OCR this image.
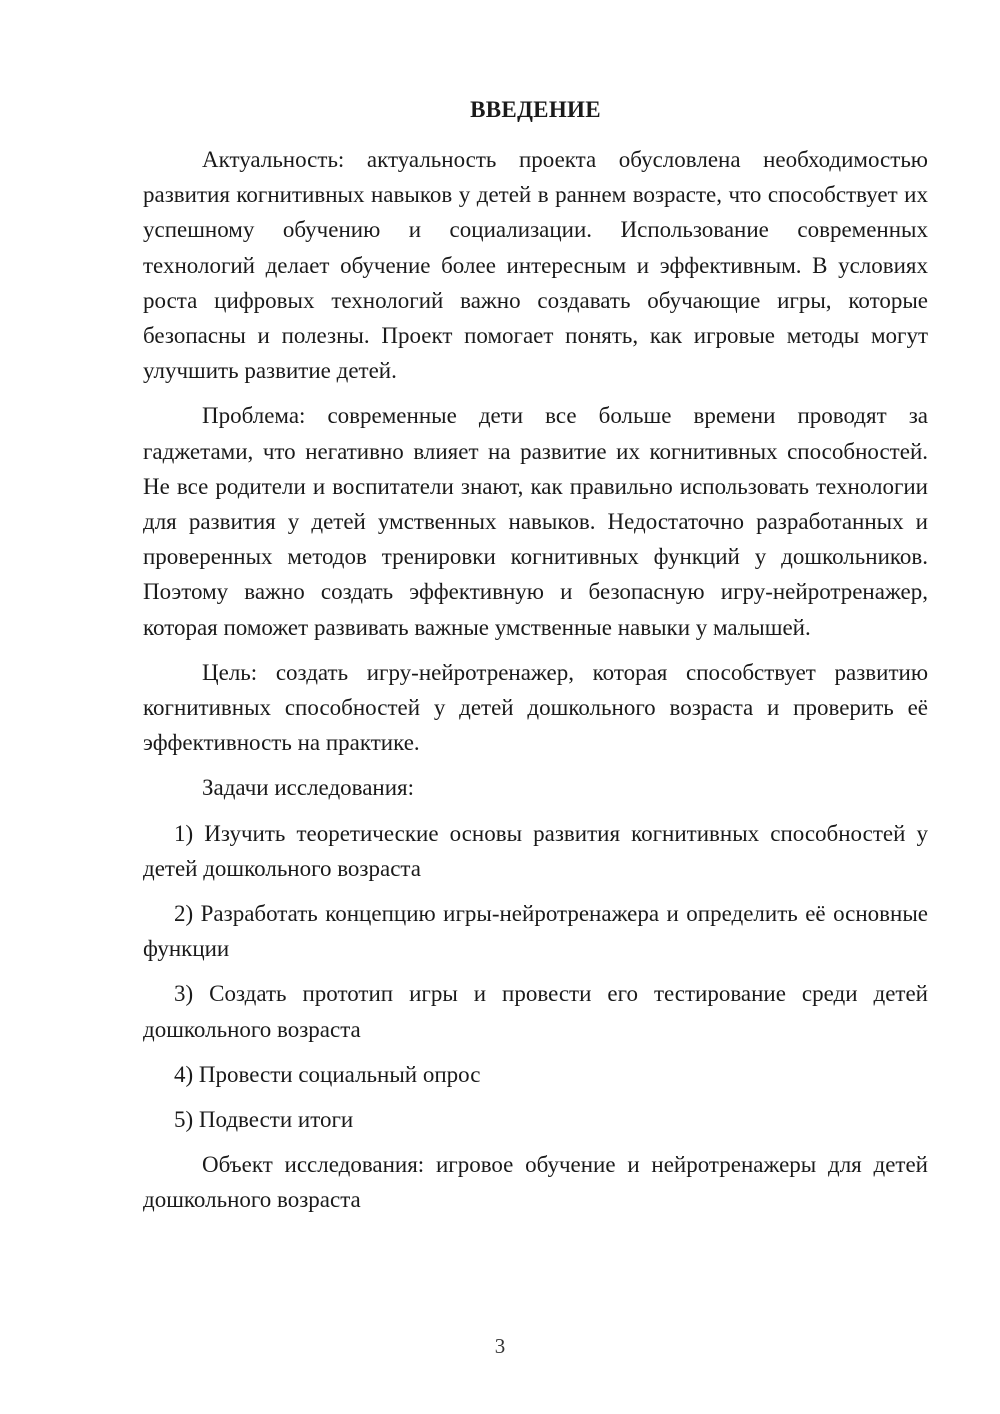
ВВЕДЕНИЕ

Актуальность: актуальность проекта обусловлена необходимостью развития когнитивных навыков у детей в раннем возрасте, что способствует их успешному обучению и социализации. Использование современных технологий делает обучение более интересным и эффективным. В условиях роста цифровых технологий важно создавать обучающие игры, которые безопасны и полезны. Проект помогает понять, как игровые методы могут улучшить развитие детей.

Проблема: современные дети все больше времени проводят за гаджетами, что негативно влияет на развитие их когнитивных способностей. Не все родители и воспитатели знают, как правильно использовать технологии для развития у детей умственных навыков. Недостаточно разработанных и проверенных методов тренировки когнитивных функций у дошкольников. Поэтому важно создать эффективную и безопасную игру-нейротренажер, которая поможет развивать важные умственные навыки у малышей.

Цель: создать игру-нейротренажер, которая способствует развитию когнитивных способностей у детей дошкольного возраста и проверить её эффективность на практике.

Задачи исследования:

1) Изучить теоретические основы развития когнитивных способностей у детей дошкольного возраста

2) Разработать концепцию игры-нейротренажера и определить её основные функции

3) Создать прототип игры и провести его тестирование среди детей дошкольного возраста

4) Провести социальный опрос

5) Подвести итоги

Объект исследования: игровое обучение и нейротренажеры для детей дошкольного возраста

3
